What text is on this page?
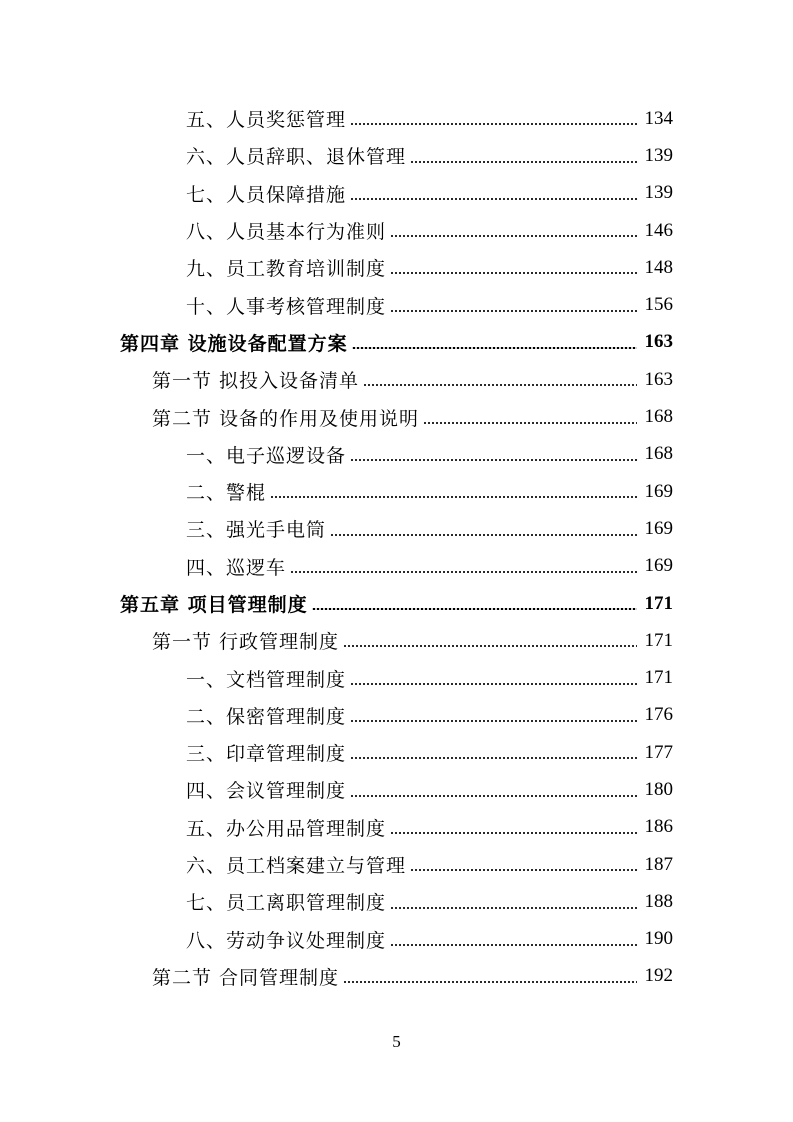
五、人员奖惩管理	134
六、人员辞职、退休管理	139
七、人员保障措施	139
八、人员基本行为准则	146
九、员工教育培训制度	148
十、人事考核管理制度	156
第四章 设施设备配置方案	163
第一节 拟投入设备清单	163
第二节 设备的作用及使用说明	168
一、电子巡逻设备	168
二、警棍	169
三、强光手电筒	169
四、巡逻车	169
第五章 项目管理制度	171
第一节 行政管理制度	171
一、文档管理制度	171
二、保密管理制度	176
三、印章管理制度	177
四、会议管理制度	180
五、办公用品管理制度	186
六、员工档案建立与管理	187
七、员工离职管理制度	188
八、劳动争议处理制度	190
第二节 合同管理制度	192
5
